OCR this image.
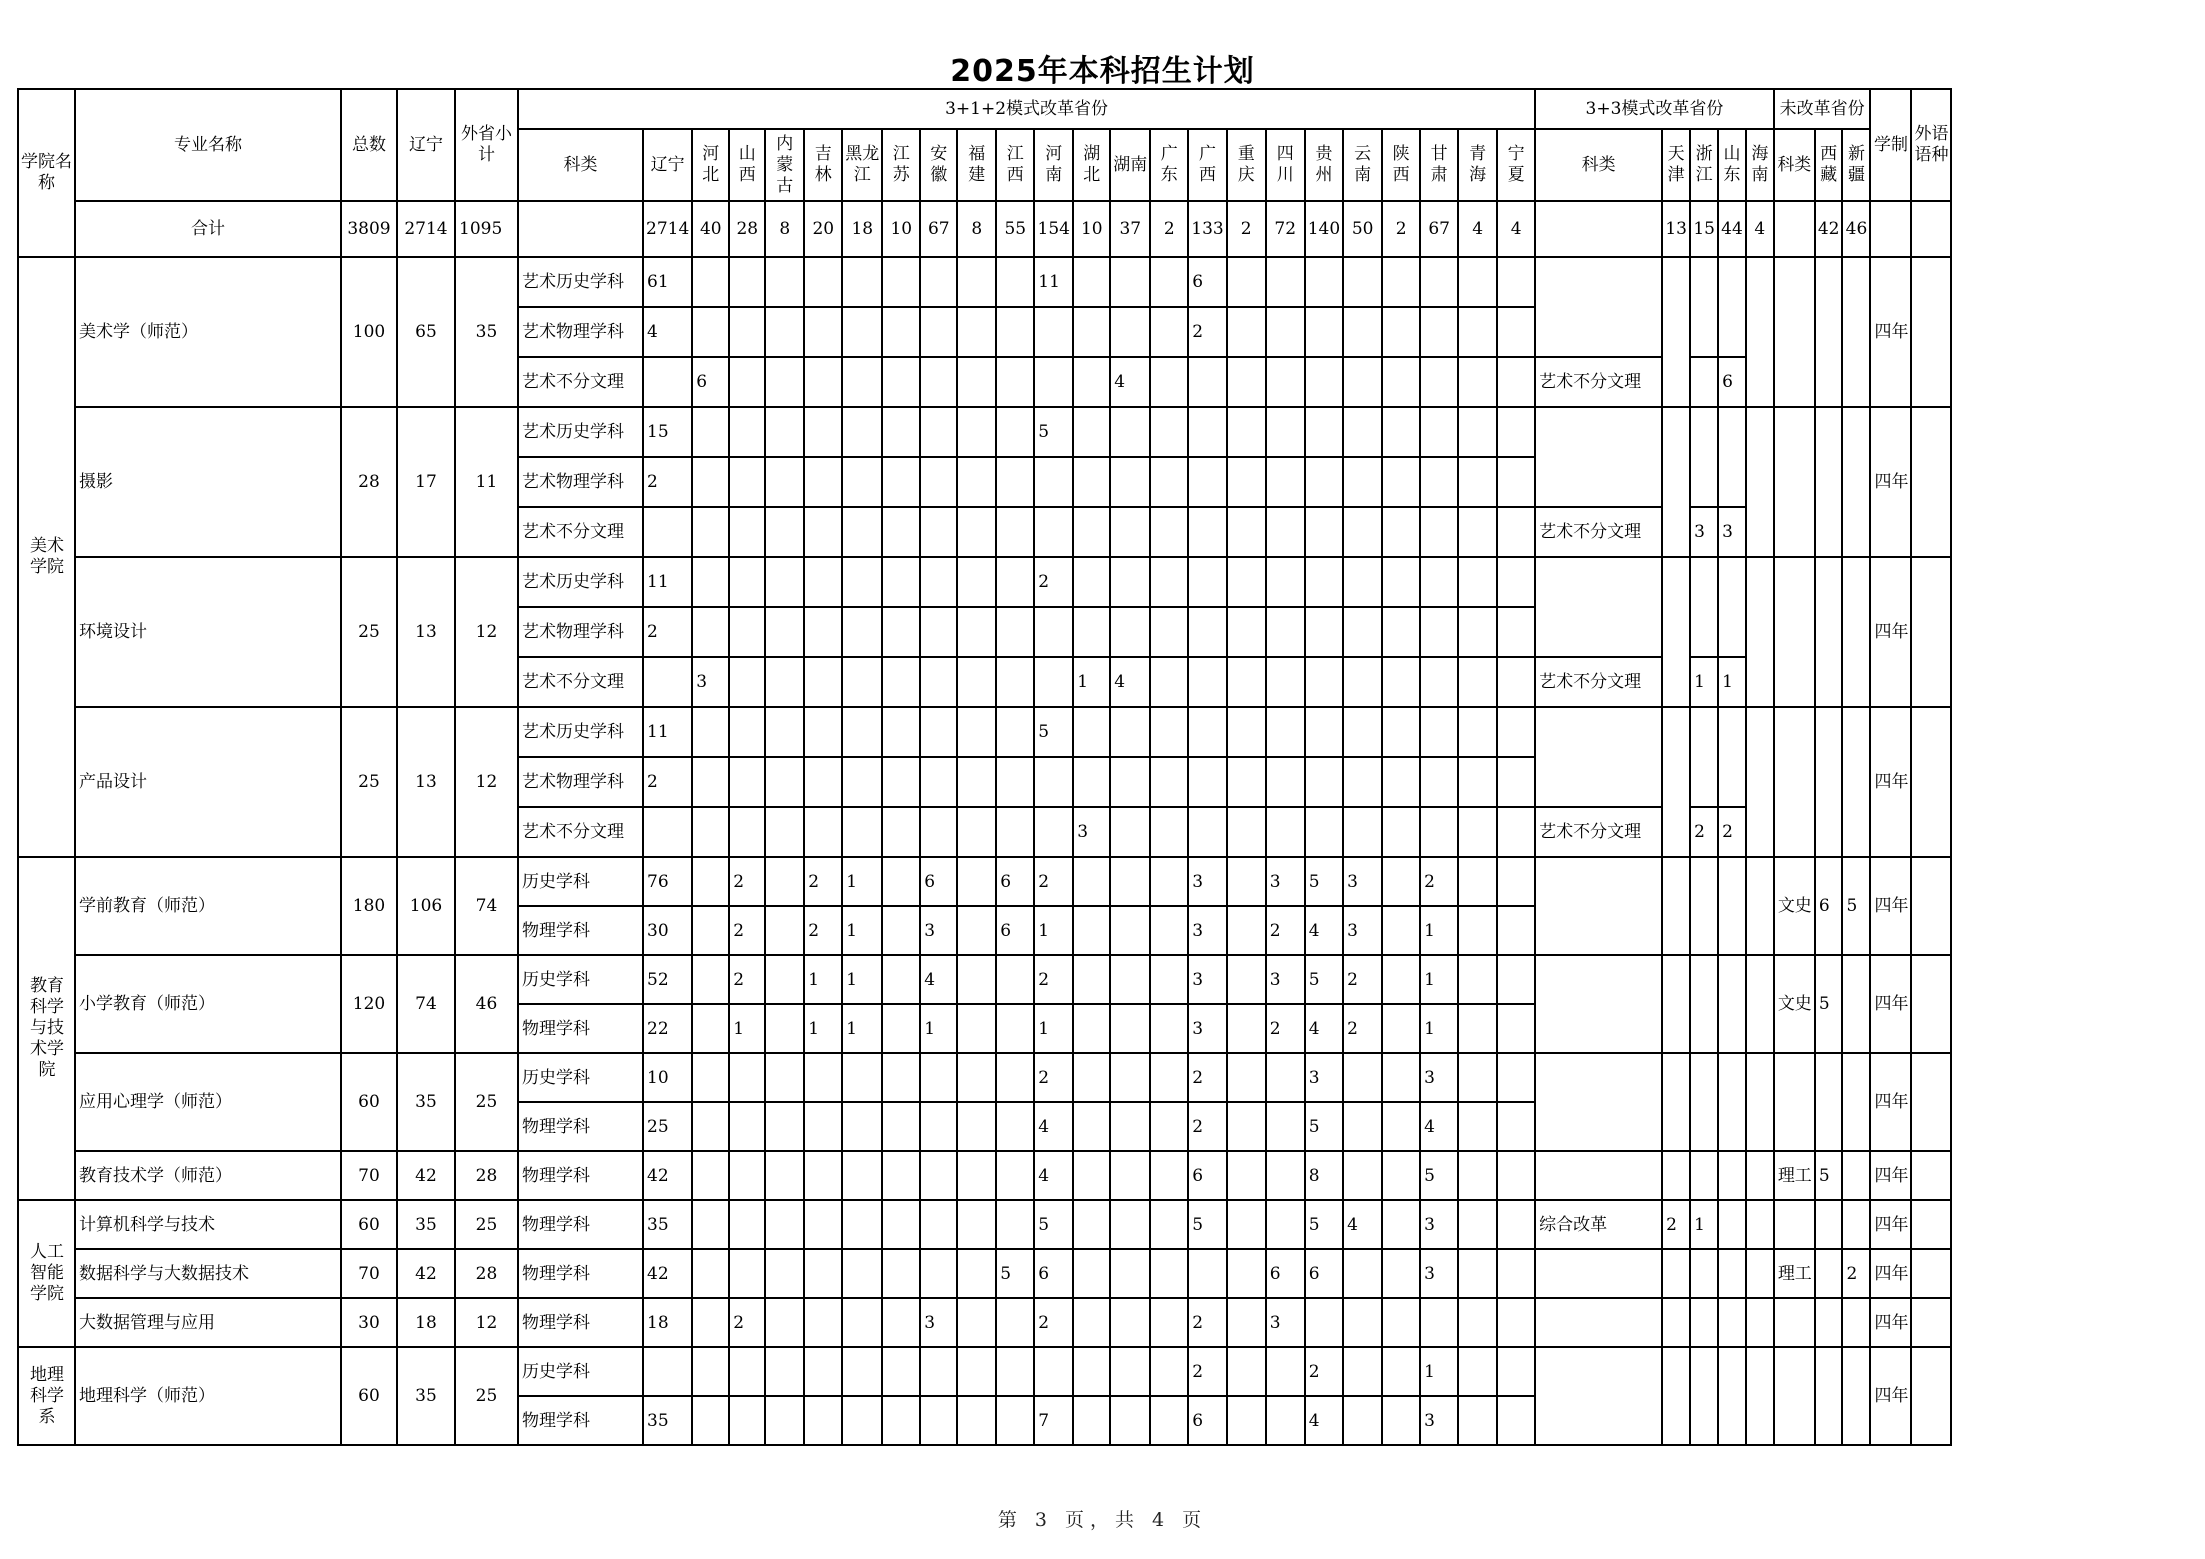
2025年本科招生计划
学院名称	专业名称	总数	辽宁	外省小计	3+1+2模式改革省份																								3+3模式改革省份					未改革省份			学制	外语语种
					科类	辽宁	河北	山西	内蒙古	吉林	黑龙江	江苏	安徽	福建	江西	河南	湖北	湖南	广东	广西	重庆	四川	贵州	云南	陕西	甘肃	青海	宁夏	科类	天津	浙江	山东	海南	科类	西藏	新疆		
	合计	3809	2714	1095		2714	40	28	8	20	18	10	67	8	55	154	10	37	2	133	2	72	140	50	2	67	4	4		13	15	44	4		42	46		
美术学院	美术学（师范）	100	65	35	艺术历史学科	61										11				6																	四年	
					艺术物理学科	4														2																		
					艺术不分文理		6											4											艺术不分文理			6						
	摄影	28	17	11	艺术历史学科	15										5																					四年	
					艺术物理学科	2																																
					艺术不分文理																								艺术不分文理		3	3						
	环境设计	25	13	12	艺术历史学科	11										2																					四年	
					艺术物理学科	2																																
					艺术不分文理		3										1	4											艺术不分文理		1	1						
	产品设计	25	13	12	艺术历史学科	11										5																					四年	
					艺术物理学科	2																																
					艺术不分文理												3												艺术不分文理		2	2						
教育科学与技术学院	学前教育（师范）	180	106	74	历史学科	76		2		2	1		6		6	2				3		3	5	3		2								文史	6	5	四年	
					物理学科	30		2		2	1		3		6	1				3		2	4	3		1												
	小学教育（师范）	120	74	46	历史学科	52		2		1	1		4			2				3		3	5	2		1								文史	5		四年	
					物理学科	22		1		1	1		1			1				3		2	4	2		1												
	应用心理学（师范）	60	35	25	历史学科	10										2				2			3			3											四年	
					物理学科	25										4				2			5			4												
	教育技术学（师范）	70	42	28	物理学科	42										4				6			8			5								理工	5		四年	
人工智能学院	计算机科学与技术	60	35	25	物理学科	35										5				5			5	4		3			综合改革	2	1						四年	
	数据科学与大数据技术	70	42	28	物理学科	42									5	6						6	6			3								理工		2	四年	
	大数据管理与应用	30	18	12	物理学科	18		2					3			2				2		3															四年	
地理科学系	地理科学（师范）	60	35	25	历史学科															2			2			1											四年	
					物理学科	35										7				6			4			3												
第 3 页，共 4 页
